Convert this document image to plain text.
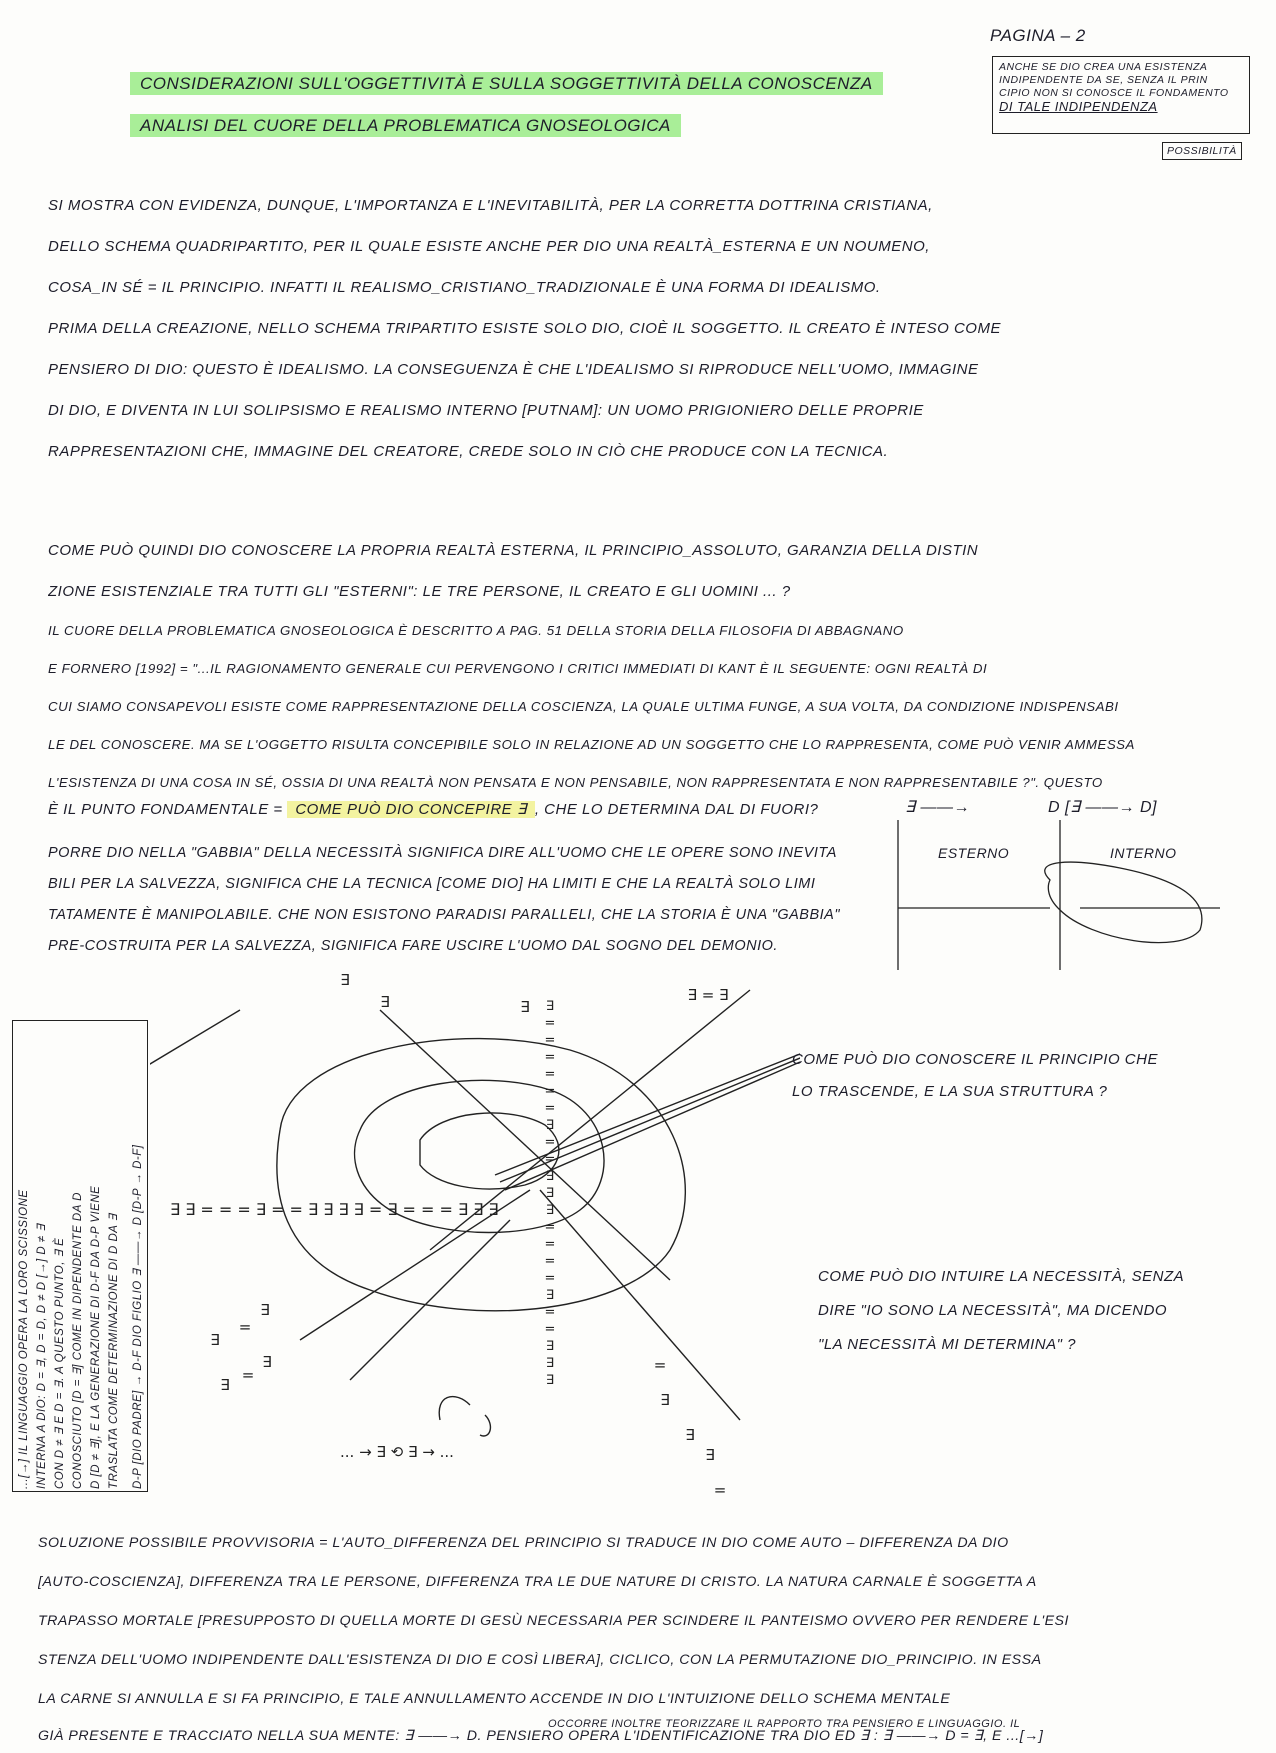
PAGINA – 2
ANCHE SE DIO CREA UNA ESISTENZA
INDIPENDENTE DA SE, SENZA IL PRIN
CIPIO NON SI CONOSCE IL FONDAMENTO
DI TALE INDIPENDENZA
POSSIBILITÀ
CONSIDERAZIONI SULL'OGGETTIVITÀ E SULLA SOGGETTIVITÀ DELLA CONOSCENZA
ANALISI DEL CUORE DELLA PROBLEMATICA GNOSEOLOGICA
SI MOSTRA CON EVIDENZA, DUNQUE, L'IMPORTANZA E L'INEVITABILITÀ, PER LA CORRETTA DOTTRINA CRISTIANA,
DELLO SCHEMA QUADRIPARTITO, PER IL QUALE ESISTE ANCHE PER DIO UNA REALTÀ_ESTERNA E UN NOUMENO,
COSA_IN SÉ = IL PRINCIPIO. INFATTI IL REALISMO_CRISTIANO_TRADIZIONALE È UNA FORMA DI IDEALISMO.
PRIMA DELLA CREAZIONE, NELLO SCHEMA TRIPARTITO ESISTE SOLO DIO, CIOÈ IL SOGGETTO. IL CREATO È INTESO COME
PENSIERO DI DIO: QUESTO È IDEALISMO. LA CONSEGUENZA È CHE L'IDEALISMO SI RIPRODUCE NELL'UOMO, IMMAGINE
DI DIO, E DIVENTA IN LUI SOLIPSISMO E REALISMO INTERNO [PUTNAM]: UN UOMO PRIGIONIERO DELLE PROPRIE
RAPPRESENTAZIONI CHE, IMMAGINE DEL CREATORE, CREDE SOLO IN CIÒ CHE PRODUCE CON LA TECNICA.
COME PUÒ QUINDI DIO CONOSCERE LA PROPRIA REALTÀ ESTERNA, IL PRINCIPIO_ASSOLUTO, GARANZIA DELLA DISTIN
ZIONE ESISTENZIALE TRA TUTTI GLI "ESTERNI": LE TRE PERSONE, IL CREATO E GLI UOMINI ... ?
IL CUORE DELLA PROBLEMATICA GNOSEOLOGICA È DESCRITTO A PAG. 51 DELLA STORIA DELLA FILOSOFIA DI ABBAGNANO
E FORNERO [1992] = "...IL RAGIONAMENTO GENERALE CUI PERVENGONO I CRITICI IMMEDIATI DI KANT È IL SEGUENTE: OGNI REALTÀ DI
CUI SIAMO CONSAPEVOLI ESISTE COME RAPPRESENTAZIONE DELLA COSCIENZA, LA QUALE ULTIMA FUNGE, A SUA VOLTA, DA CONDIZIONE INDISPENSABI
LE DEL CONOSCERE. MA SE L'OGGETTO RISULTA CONCEPIBILE SOLO IN RELAZIONE AD UN SOGGETTO CHE LO RAPPRESENTA, COME PUÒ VENIR AMMESSA
L'ESISTENZA DI UNA COSA IN SÉ, OSSIA DI UNA REALTÀ NON PENSATA E NON PENSABILE, NON RAPPRESENTATA E NON RAPPRESENTABILE ?". QUESTO
È IL PUNTO FONDAMENTALE = COME PUÒ DIO CONCEPIRE ∃ , CHE LO DETERMINA DAL DI FUORI?
PORRE DIO NELLA "GABBIA" DELLA NECESSITÀ SIGNIFICA DIRE ALL'UOMO CHE LE OPERE SONO INEVITA
BILI PER LA SALVEZZA, SIGNIFICA CHE LA TECNICA [COME DIO] HA LIMITI E CHE LA REALTÀ SOLO LIMI
TATAMENTE È MANIPOLABILE. CHE NON ESISTONO PARADISI PARALLELI, CHE LA STORIA È UNA "GABBIA"
PRE-COSTRUITA PER LA SALVEZZA, SIGNIFICA FARE USCIRE L'UOMO DAL SOGNO DEL DEMONIO.
∃ ——→	D [∃ ——→ D]
ESTERNO	INTERNO
...[→] IL LINGUAGGIO OPERA LA LORO SCISSIONE INTERNA A DIO: D = ∃, D = D, D ≠ D [→] D ≠ ∃ CON D ≠ ∃ E D = ∃. A QUESTO PUNTO, ∃ È CONOSCIUTO [D = ∃] COME IN DIPENDENTE DA D D [D ≠ ∃], E LA GENERAZIONE DI D-F DA D-P VIENE TRASLATA COME DETERMINAZIONE DI D DA ∃ D-P [DIO PADRE] → D-F DIO FIGLIO ∃ ——→ D [D-P → D-F]
∃
∃	∃
∃ = ∃
∃
=
=
=
=
=
=
∃
=
=
∃
∃
∃
=
=
=
=
∃
=
=
∃
∃
∃
∃ ∃ = = = ∃ = = ∃ ∃ ∃ ∃ = ∃ = = = ∃ ∃ ∃
∃
=
∃
∃
=
∃	=
∃
∃
∃
=
... → ∃ ⟲ ∃ → ...
COME PUÒ DIO CONOSCERE IL PRINCIPIO CHE
LO TRASCENDE, E LA SUA STRUTTURA ?
COME PUÒ DIO INTUIRE LA NECESSITÀ, SENZA
DIRE "IO SONO LA NECESSITÀ", MA DICENDO
"LA NECESSITÀ MI DETERMINA" ?
SOLUZIONE POSSIBILE PROVVISORIA = L'AUTO_DIFFERENZA DEL PRINCIPIO SI TRADUCE IN DIO COME AUTO – DIFFERENZA DA DIO
[AUTO-COSCIENZA], DIFFERENZA TRA LE PERSONE, DIFFERENZA TRA LE DUE NATURE DI CRISTO. LA NATURA CARNALE È SOGGETTA A
TRAPASSO MORTALE [PRESUPPOSTO DI QUELLA MORTE DI GESÙ NECESSARIA PER SCINDERE IL PANTEISMO OVVERO PER RENDERE L'ESI
STENZA DELL'UOMO INDIPENDENTE DALL'ESISTENZA DI DIO E COSÌ LIBERA], CICLICO, CON LA PERMUTAZIONE DIO_PRINCIPIO. IN ESSA
LA CARNE SI ANNULLA E SI FA PRINCIPIO, E TALE ANNULLAMENTO ACCENDE IN DIO L'INTUIZIONE DELLO SCHEMA MENTALE
OCCORRE INOLTRE TEORIZZARE IL RAPPORTO TRA PENSIERO E LINGUAGGIO. IL
GIÀ PRESENTE E TRACCIATO NELLA SUA MENTE: ∃ ——→ D. PENSIERO OPERA L'IDENTIFICAZIONE TRA DIO ED ∃ : ∃ ——→ D = ∃, E ...[→]
